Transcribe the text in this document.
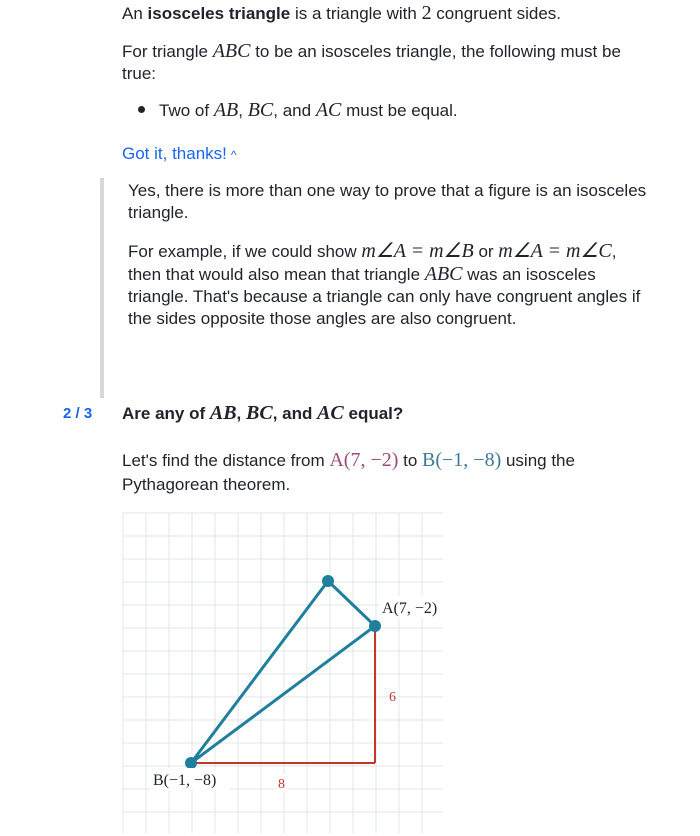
An isosceles triangle is a triangle with 2 congruent sides.
For triangle ABC to be an isosceles triangle, the following must be true:
Two of AB, BC, and AC must be equal.
Got it, thanks! ^
Yes, there is more than one way to prove that a figure is an isosceles triangle.
For example, if we could show m∠A = m∠B or m∠A = m∠C, then that would also mean that triangle ABC was an isosceles triangle. That's because a triangle can only have congruent angles if the sides opposite those angles are also congruent.
2 / 3 Are any of AB, BC, and AC equal?
Let's find the distance from A(7, −2) to B(−1, −8) using the Pythagorean theorem.
A(7, −2)
B(−1, −8)
6
8
